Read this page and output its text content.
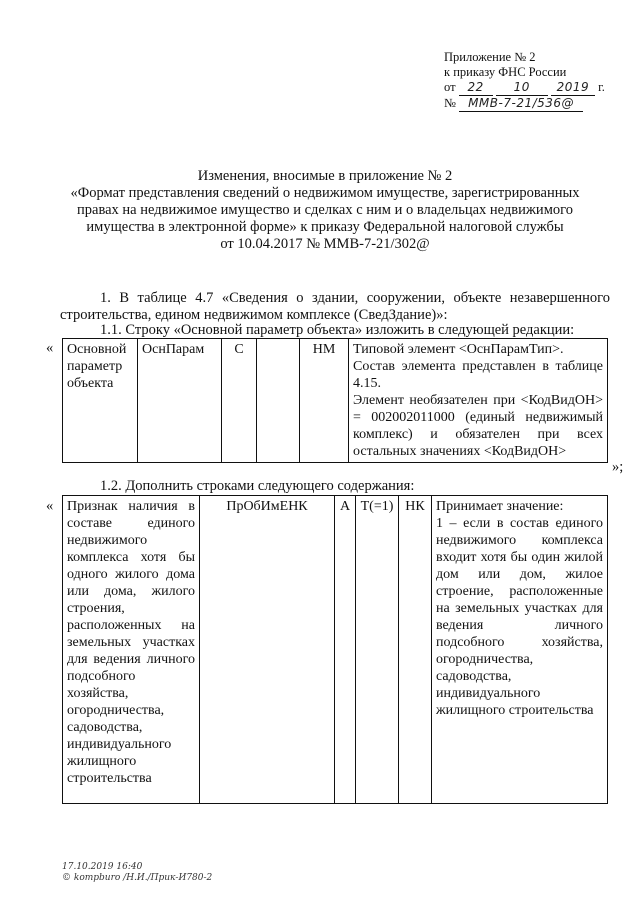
Приложение № 2
к приказу ФНС России
от 22 10 2019 г.
№ ММВ-7-21/536@
Изменения, вносимые в приложение № 2
«Формат представления сведений о недвижимом имуществе, зарегистрированных правах на недвижимое имущество и сделках с ним и о владельцах недвижимого имущества в электронной форме» к приказу Федеральной налоговой службы
от 10.04.2017 № ММВ-7-21/302@
1. В таблице 4.7 «Сведения о здании, сооружении, объекте незавершенного строительства, едином недвижимом комплексе (СведЗдание)»:
1.1. Строку «Основной параметр объекта» изложить в следующей редакции:
«
»;
Основной параметр объекта	ОснПарам	С		НМ	Типовой элемент <ОснПарамТип>.
Состав элемента представлен в таблице 4.15.
Элемент необязателен при <КодВидОН> = 002002011000 (единый недвижимый комплекс) и обязателен при всех остальных значениях <КодВидОН>
1.2. Дополнить строками следующего содержания:
« Признак наличия в составе единого недвижимого комплекса хотя бы одного жилого дома или дома, жилого строения, расположенных на земельных участках для ведения личного подсобного хозяйства, огородничества, садоводства, индивидуального жилищного строительства	ПрОбИмЕНК	А	T(=1)	НК	Принимает значение:
1 – если в состав единого недвижимого комплекса входит хотя бы один жилой дом или дом, жилое строение, расположенные на земельных участках для ведения личного подсобного хозяйства, огородничества, садоводства, индивидуального жилищного строительства
17.10.2019 16:40
© kompburo /Н.И./Прик-И780-2
